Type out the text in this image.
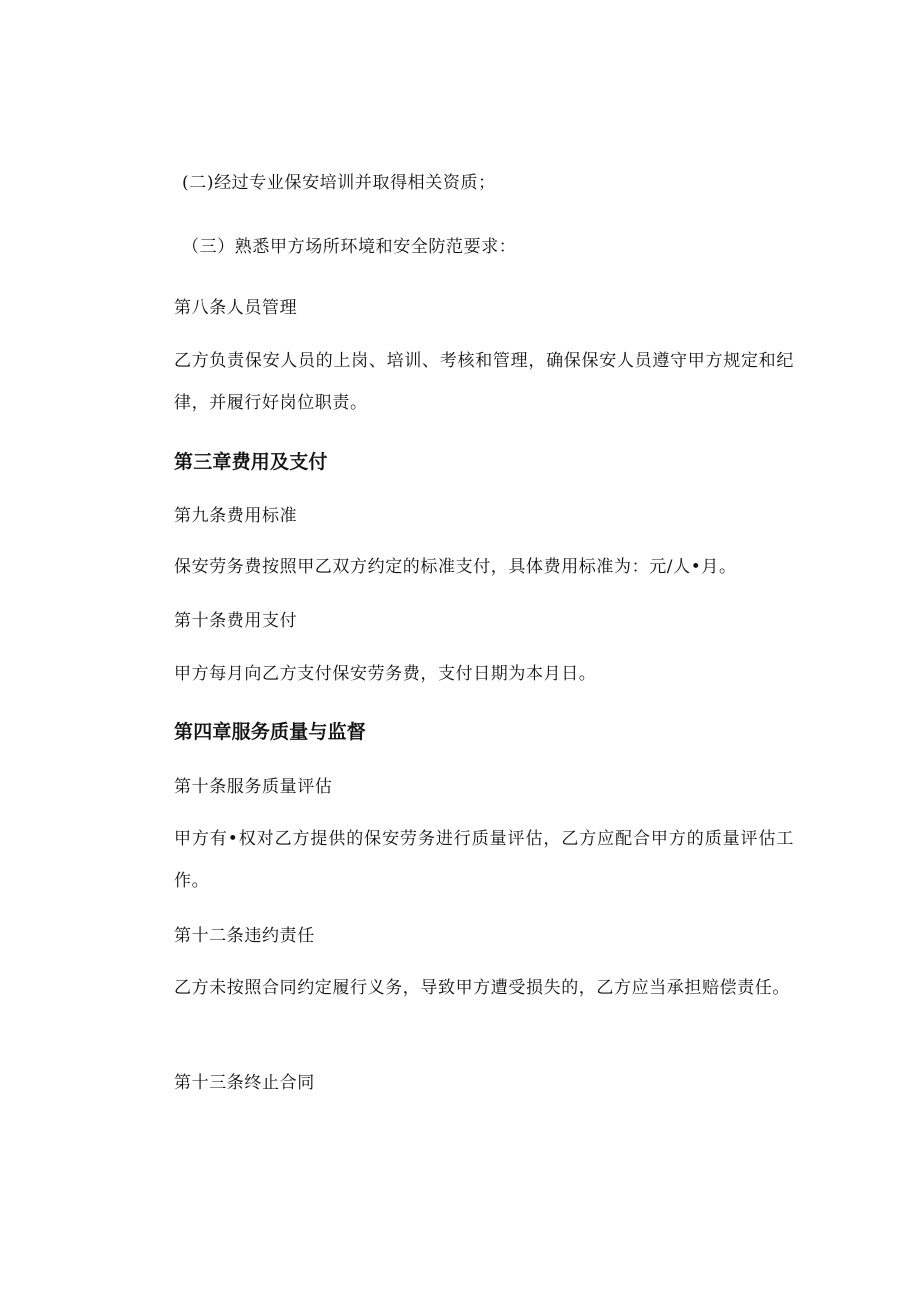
(二)经过专业保安培训并取得相关资质；
（三）熟悉甲方场所环境和安全防范要求：
第八条人员管理
乙方负责保安人员的上岗、培训、考核和管理，确保保安人员遵守甲方规定和纪律，并履行好岗位职责。
第三章费用及支付
第九条费用标准
保安劳务费按照甲乙双方约定的标准支付，具体费用标准为：元/人•月。
第十条费用支付
甲方每月向乙方支付保安劳务费，支付日期为本月日。
第四章服务质量与监督
第十条服务质量评估
甲方有•权对乙方提供的保安劳务进行质量评估，乙方应配合甲方的质量评估工作。
第十二条违约责任
乙方未按照合同约定履行义务，导致甲方遭受损失的，乙方应当承担赔偿责任。
第十三条终止合同
